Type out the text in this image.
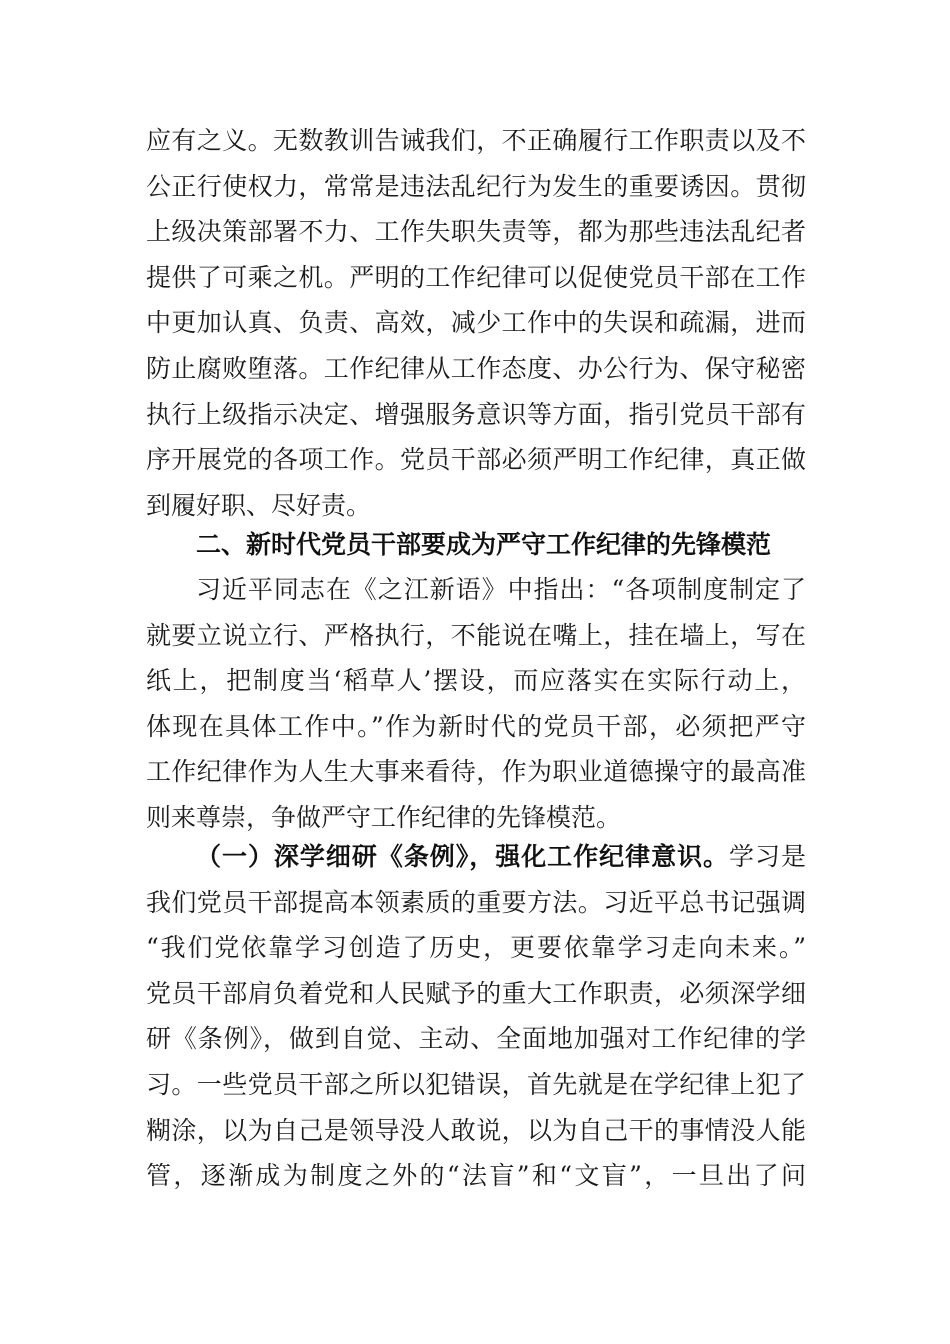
应有之义。无数教训告诫我们，不正确履行工作职责以及不
公正行使权力，常常是违法乱纪行为发生的重要诱因。贯彻
上级决策部署不力、工作失职失责等，都为那些违法乱纪者
提供了可乘之机。严明的工作纪律可以促使党员干部在工作
中更加认真、负责、高效，减少工作中的失误和疏漏，进而
防止腐败堕落。工作纪律从工作态度、办公行为、保守秘密
执行上级指示决定、增强服务意识等方面，指引党员干部有
序开展党的各项工作。党员干部必须严明工作纪律，真正做
到履好职、尽好责。
二、新时代党员干部要成为严守工作纪律的先锋模范
习近平同志在《之江新语》中指出：“各项制度制定了
就要立说立行、严格执行，不能说在嘴上，挂在墙上，写在
纸上，把制度当‘稻草人’摆设，而应落实在实际行动上，
体现在具体工作中。”作为新时代的党员干部，必须把严守
工作纪律作为人生大事来看待，作为职业道德操守的最高准
则来尊崇，争做严守工作纪律的先锋模范。
（一）深学细研《条例》，强化工作纪律意识。学习是
我们党员干部提高本领素质的重要方法。习近平总书记强调
“我们党依靠学习创造了历史，更要依靠学习走向未来。”
党员干部肩负着党和人民赋予的重大工作职责，必须深学细
研《条例》，做到自觉、主动、全面地加强对工作纪律的学
习。一些党员干部之所以犯错误，首先就是在学纪律上犯了
糊涂，以为自己是领导没人敢说，以为自己干的事情没人能
管，逐渐成为制度之外的“法盲”和“文盲”，一旦出了问
